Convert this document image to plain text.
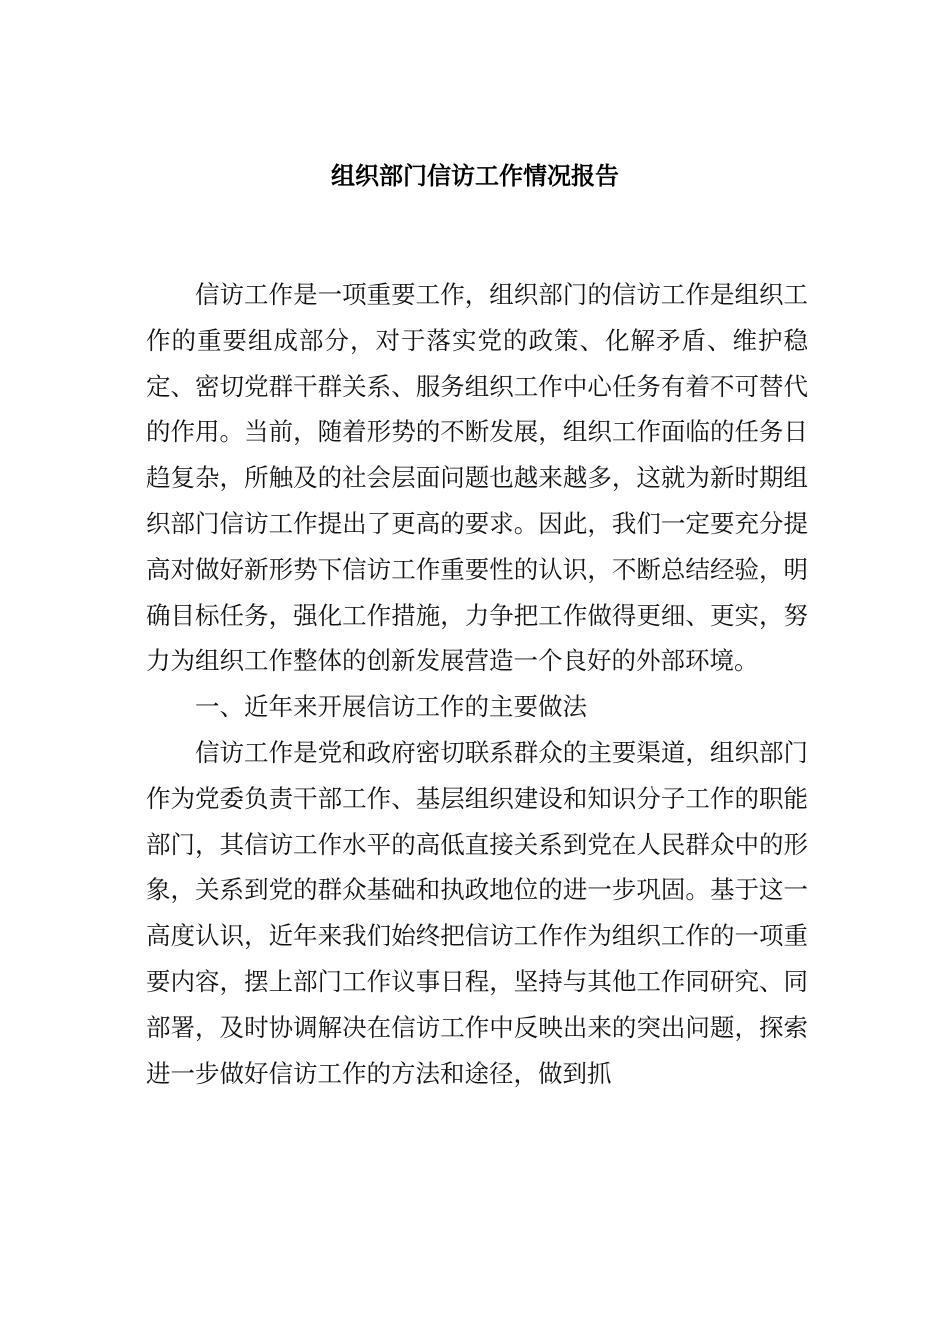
组织部门信访工作情况报告

信访工作是一项重要工作，组织部门的信访工作是组织工作的重要组成部分，对于落实党的政策、化解矛盾、维护稳定、密切党群干群关系、服务组织工作中心任务有着不可替代的作用。当前，随着形势的不断发展，组织工作面临的任务日趋复杂，所触及的社会层面问题也越来越多，这就为新时期组织部门信访工作提出了更高的要求。因此，我们一定要充分提高对做好新形势下信访工作重要性的认识，不断总结经验，明确目标任务，强化工作措施，力争把工作做得更细、更实，努力为组织工作整体的创新发展营造一个良好的外部环境。

一、近年来开展信访工作的主要做法

信访工作是党和政府密切联系群众的主要渠道，组织部门作为党委负责干部工作、基层组织建设和知识分子工作的职能部门，其信访工作水平的高低直接关系到党在人民群众中的形象，关系到党的群众基础和执政地位的进一步巩固。基于这一高度认识，近年来我们始终把信访工作作为组织工作的一项重要内容，摆上部门工作议事日程，坚持与其他工作同研究、同部署，及时协调解决在信访工作中反映出来的突出问题，探索进一步做好信访工作的方法和途径，做到抓
